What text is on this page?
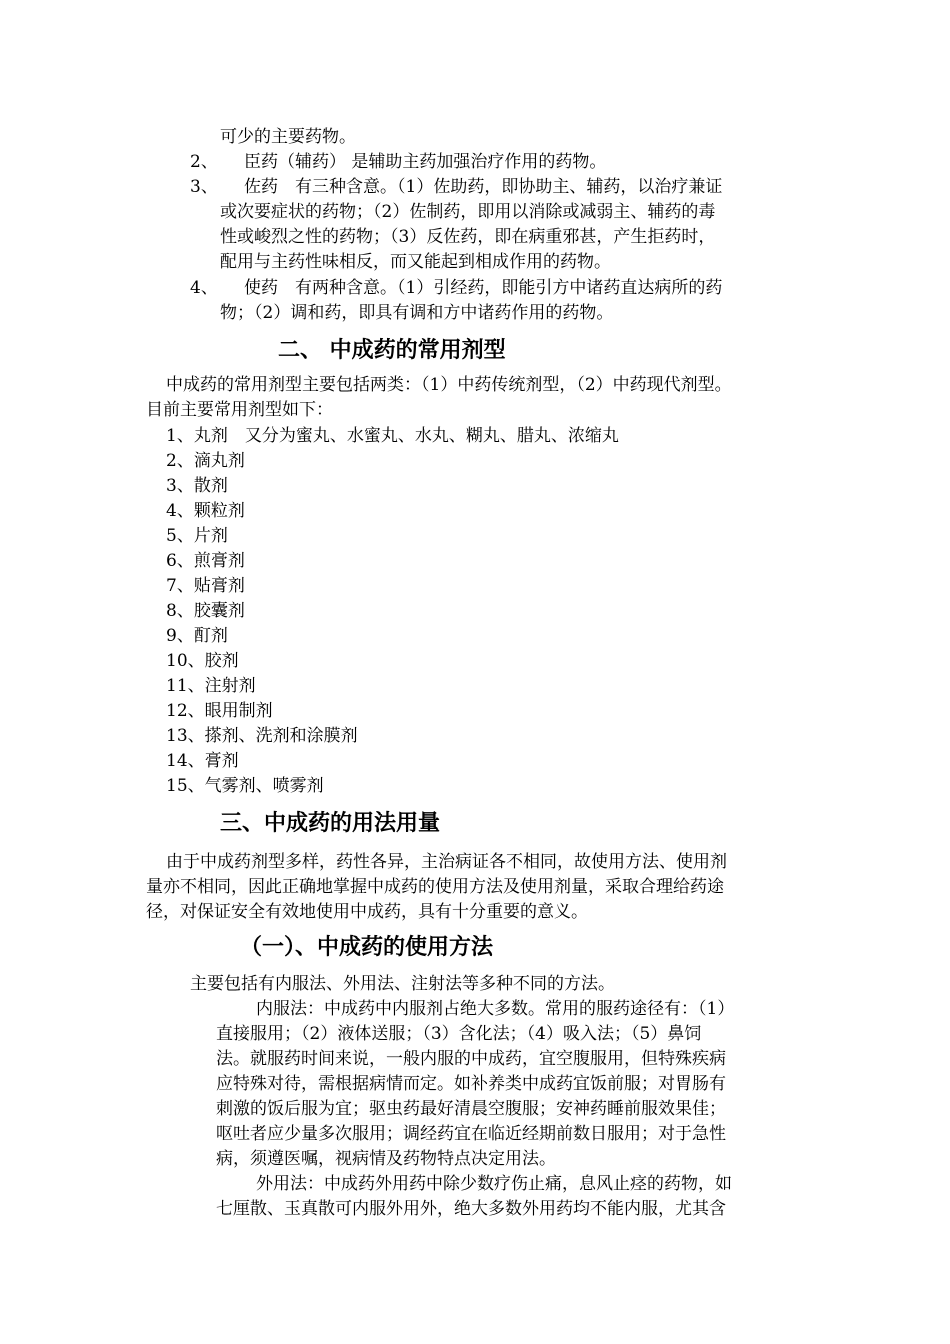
可少的主要药物。
2、 臣药（辅药） 是辅助主药加强治疗作用的药物。
3、 佐药　有三种含意。（1）佐助药，即协助主、辅药，以治疗兼证
或次要症状的药物；（2）佐制药，即用以消除或减弱主、辅药的毒
性或峻烈之性的药物；（3）反佐药，即在病重邪甚，产生拒药时，
配用与主药性味相反，而又能起到相成作用的药物。
4、 使药　有两种含意。（1）引经药，即能引方中诸药直达病所的药
物；（2）调和药，即具有调和方中诸药作用的药物。
二、 中成药的常用剂型
中成药的常用剂型主要包括两类：（1）中药传统剂型，（2）中药现代剂型。
目前主要常用剂型如下：
1、丸剂　又分为蜜丸、水蜜丸、水丸、糊丸、腊丸、浓缩丸
2、滴丸剂
3、散剂
4、颗粒剂
5、片剂
6、煎膏剂
7、贴膏剂
8、胶囊剂
9、酊剂
10、胶剂
11、注射剂
12、眼用制剂
13、搽剂、洗剂和涂膜剂
14、膏剂
15、气雾剂、喷雾剂
三、中成药的用法用量
由于中成药剂型多样，药性各异，主治病证各不相同，故使用方法、使用剂
量亦不相同，因此正确地掌握中成药的使用方法及使用剂量，采取合理给药途
径，对保证安全有效地使用中成药，具有十分重要的意义。
（一）、中成药的使用方法
主要包括有内服法、外用法、注射法等多种不同的方法。
内服法：中成药中内服剂占绝大多数。常用的服药途径有：（1）
直接服用；（2）液体送服；（3）含化法；（4）吸入法；（5）鼻饲
法。就服药时间来说，一般内服的中成药，宜空腹服用，但特殊疾病
应特殊对待，需根据病情而定。如补养类中成药宜饭前服；对胃肠有
刺激的饭后服为宜；驱虫药最好清晨空腹服；安神药睡前服效果佳；
呕吐者应少量多次服用；调经药宜在临近经期前数日服用；对于急性
病，须遵医嘱，视病情及药物特点决定用法。
外用法：中成药外用药中除少数疗伤止痛，息风止痉的药物，如
七厘散、玉真散可内服外用外，绝大多数外用药均不能内服，尤其含
